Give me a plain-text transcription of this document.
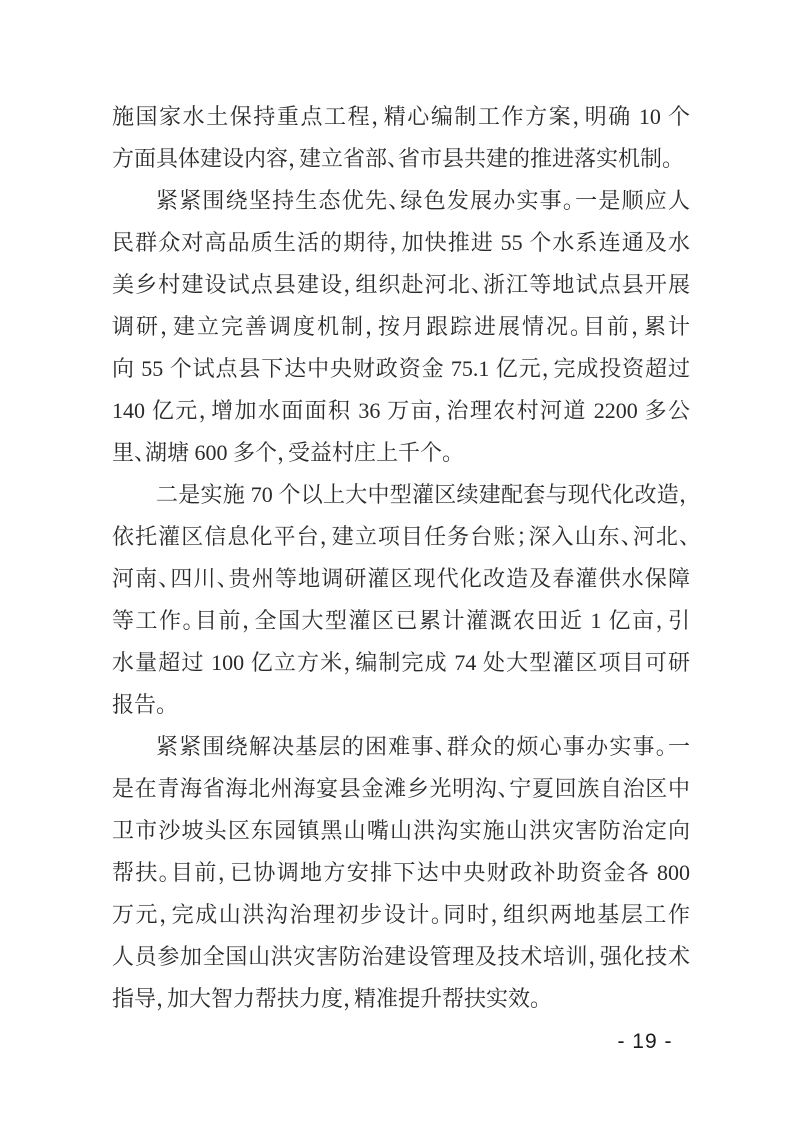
施国家水土保持重点工程，精心编制工作方案，明确 10 个
方面具体建设内容，建立省部、省市县共建的推进落实机制。
紧紧围绕坚持生态优先、绿色发展办实事。一是顺应人
民群众对高品质生活的期待，加快推进 55 个水系连通及水
美乡村建设试点县建设，组织赴河北、浙江等地试点县开展
调研，建立完善调度机制，按月跟踪进展情况。目前，累计
向 55 个试点县下达中央财政资金 75.1 亿元，完成投资超过
140 亿元，增加水面面积 36 万亩，治理农村河道 2200 多公
里、湖塘 600 多个，受益村庄上千个。
二是实施 70 个以上大中型灌区续建配套与现代化改造，
依托灌区信息化平台，建立项目任务台账；深入山东、河北、
河南、四川、贵州等地调研灌区现代化改造及春灌供水保障
等工作。目前，全国大型灌区已累计灌溉农田近 1 亿亩，引
水量超过 100 亿立方米，编制完成 74 处大型灌区项目可研
报告。
紧紧围绕解决基层的困难事、群众的烦心事办实事。一
是在青海省海北州海宴县金滩乡光明沟、宁夏回族自治区中
卫市沙坡头区东园镇黑山嘴山洪沟实施山洪灾害防治定向
帮扶。目前，已协调地方安排下达中央财政补助资金各 800
万元，完成山洪沟治理初步设计。同时，组织两地基层工作
人员参加全国山洪灾害防治建设管理及技术培训，强化技术
指导，加大智力帮扶力度，精准提升帮扶实效。
- 19 -
